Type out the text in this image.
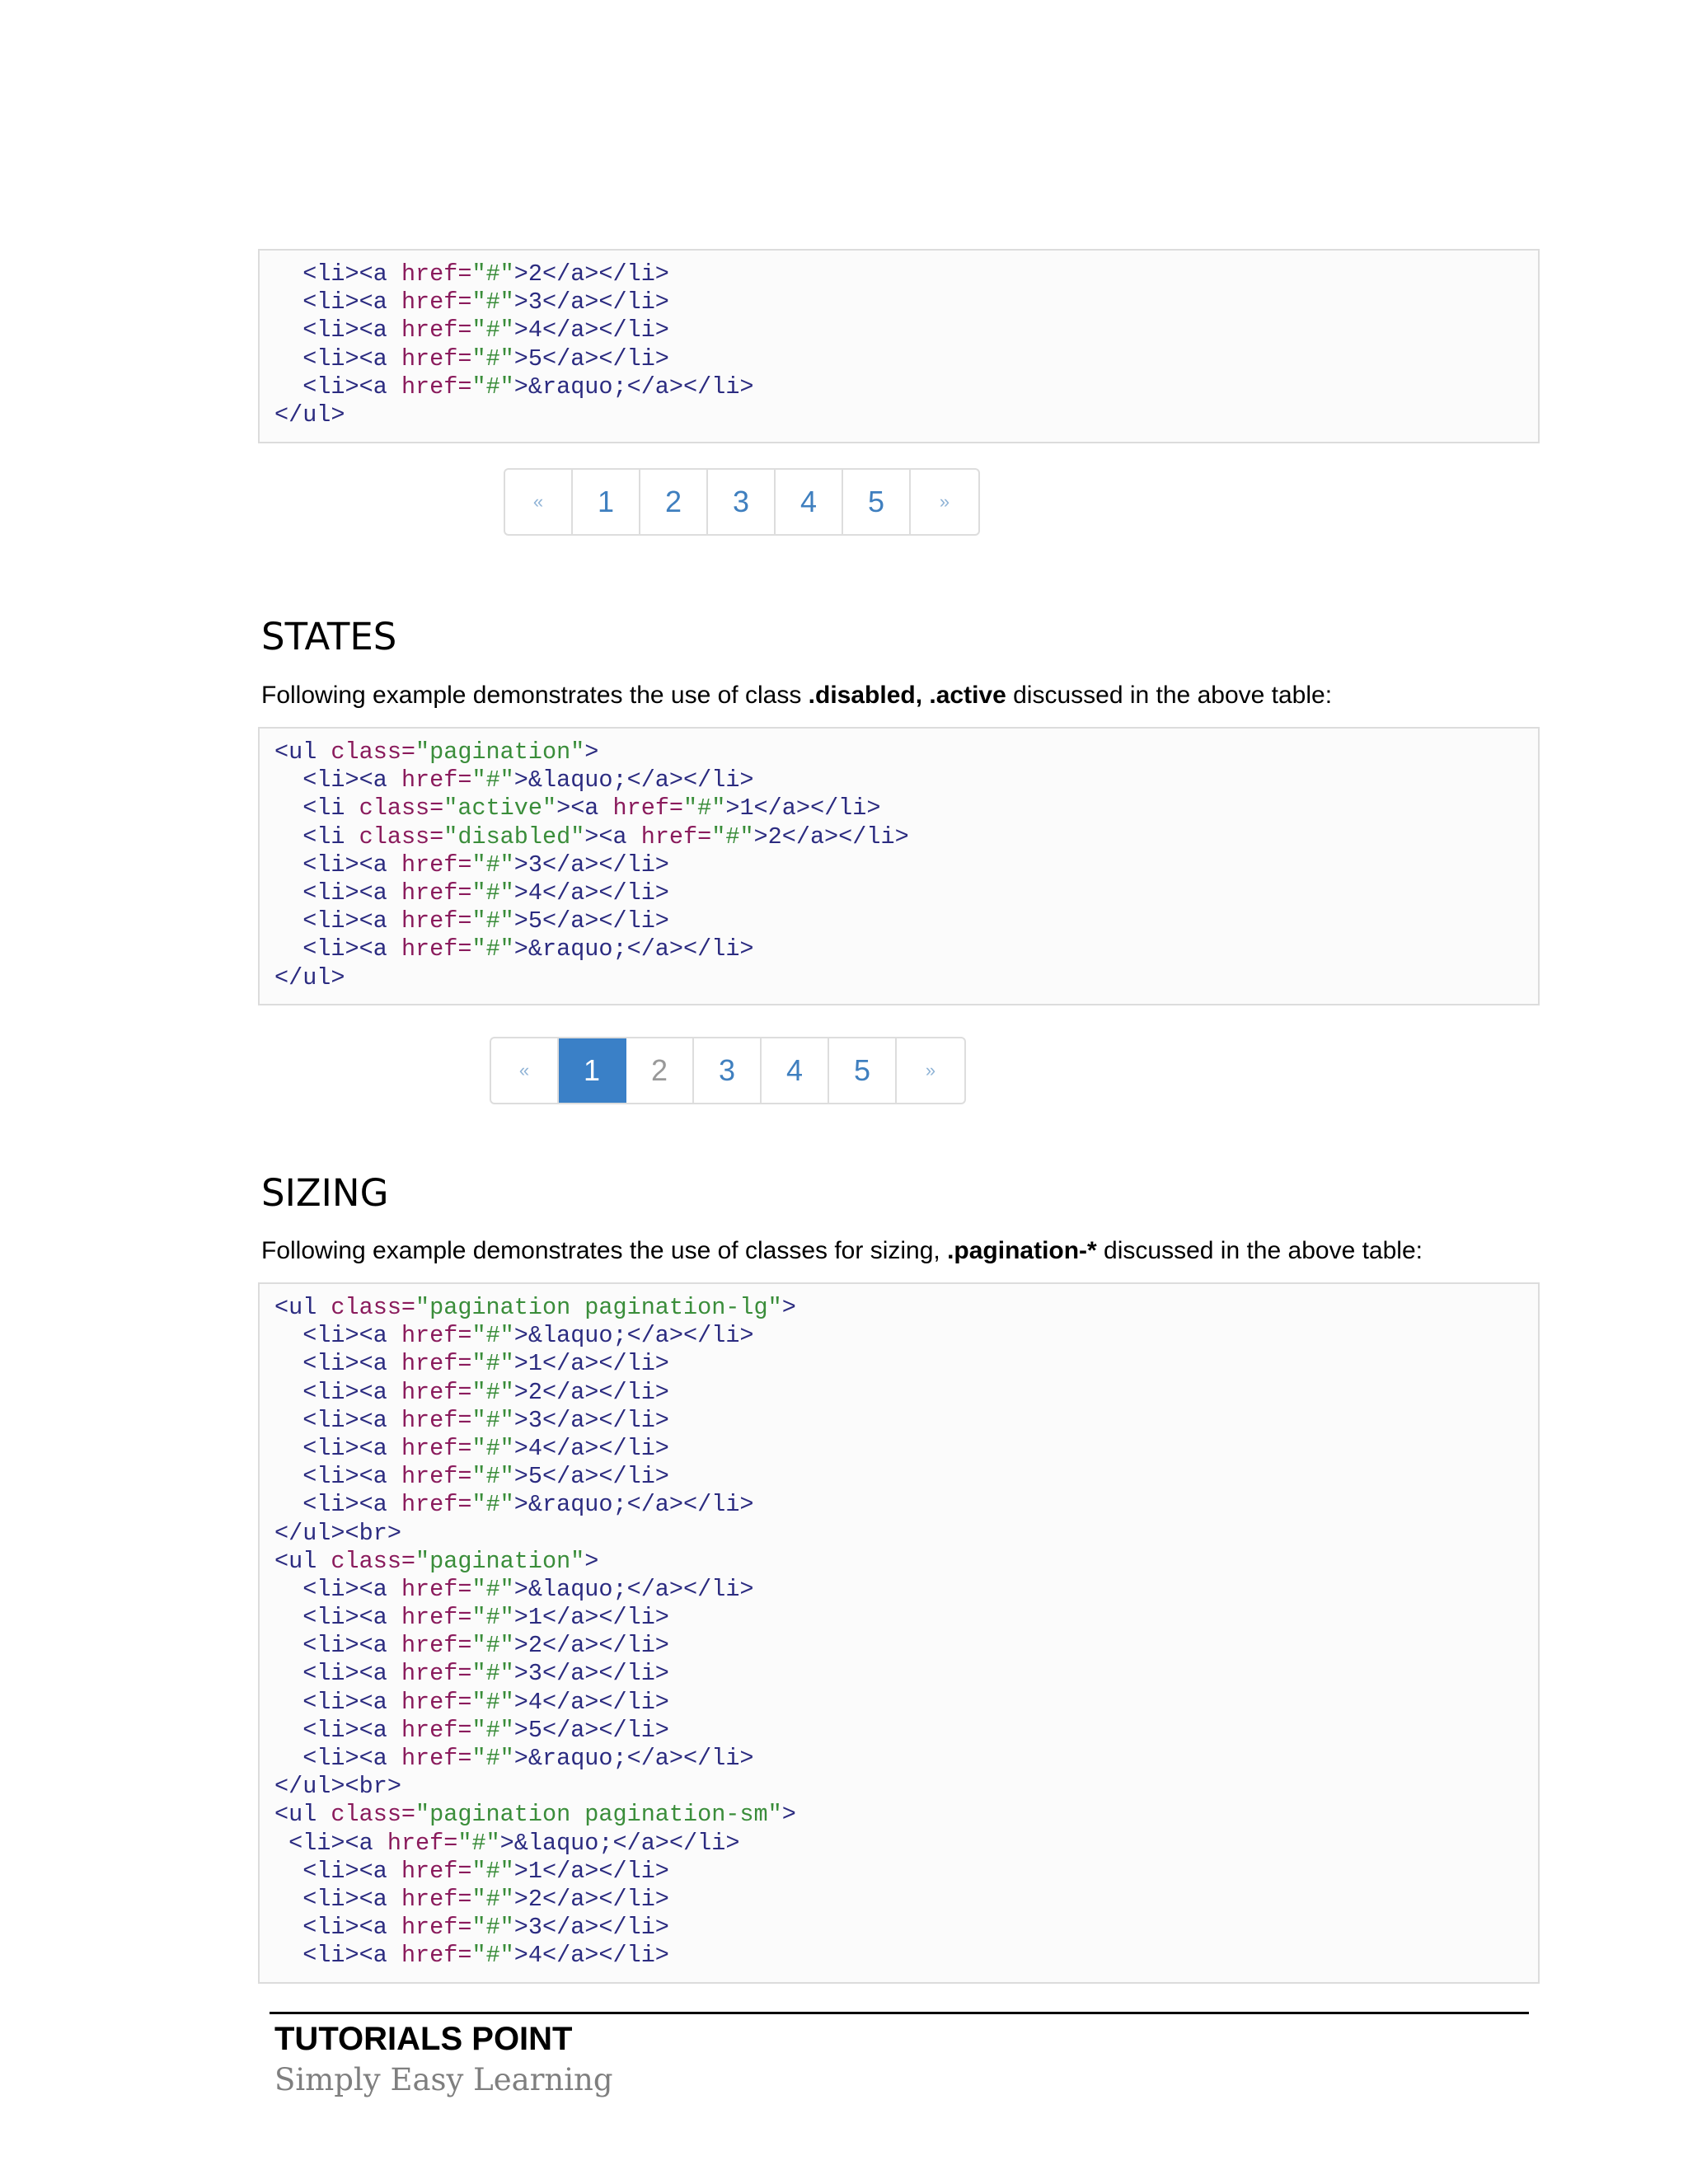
<li><a href="#">2</a></li>
<li><a href="#">3</a></li>
<li><a href="#">4</a></li>
<li><a href="#">5</a></li>
<li><a href="#">&raquo;</a></li>
</ul>
«	1	2	3	4	5	»
STATES

Following example demonstrates the use of class .disabled, .active discussed in the above table:

<ul class="pagination">
<li><a href="#">&laquo;</a></li>
<li class="active"><a href="#">1</a></li>
<li class="disabled"><a href="#">2</a></li>
<li><a href="#">3</a></li>
<li><a href="#">4</a></li>
<li><a href="#">5</a></li>
<li><a href="#">&raquo;</a></li>
</ul>
«	1	2	3	4	5	»
SIZING

Following example demonstrates the use of classes for sizing, .pagination-* discussed in the above table:

<ul class="pagination pagination-lg">
<li><a href="#">&laquo;</a></li>
<li><a href="#">1</a></li>
<li><a href="#">2</a></li>
<li><a href="#">3</a></li>
<li><a href="#">4</a></li>
<li><a href="#">5</a></li>
<li><a href="#">&raquo;</a></li>
</ul><br>
<ul class="pagination">
<li><a href="#">&laquo;</a></li>
<li><a href="#">1</a></li>
<li><a href="#">2</a></li>
<li><a href="#">3</a></li>
<li><a href="#">4</a></li>
<li><a href="#">5</a></li>
<li><a href="#">&raquo;</a></li>
</ul><br>
<ul class="pagination pagination-sm">
<li><a href="#">&laquo;</a></li>
<li><a href="#">1</a></li>
<li><a href="#">2</a></li>
<li><a href="#">3</a></li>
<li><a href="#">4</a></li>

TUTORIALS POINT

Simply Easy Learning
